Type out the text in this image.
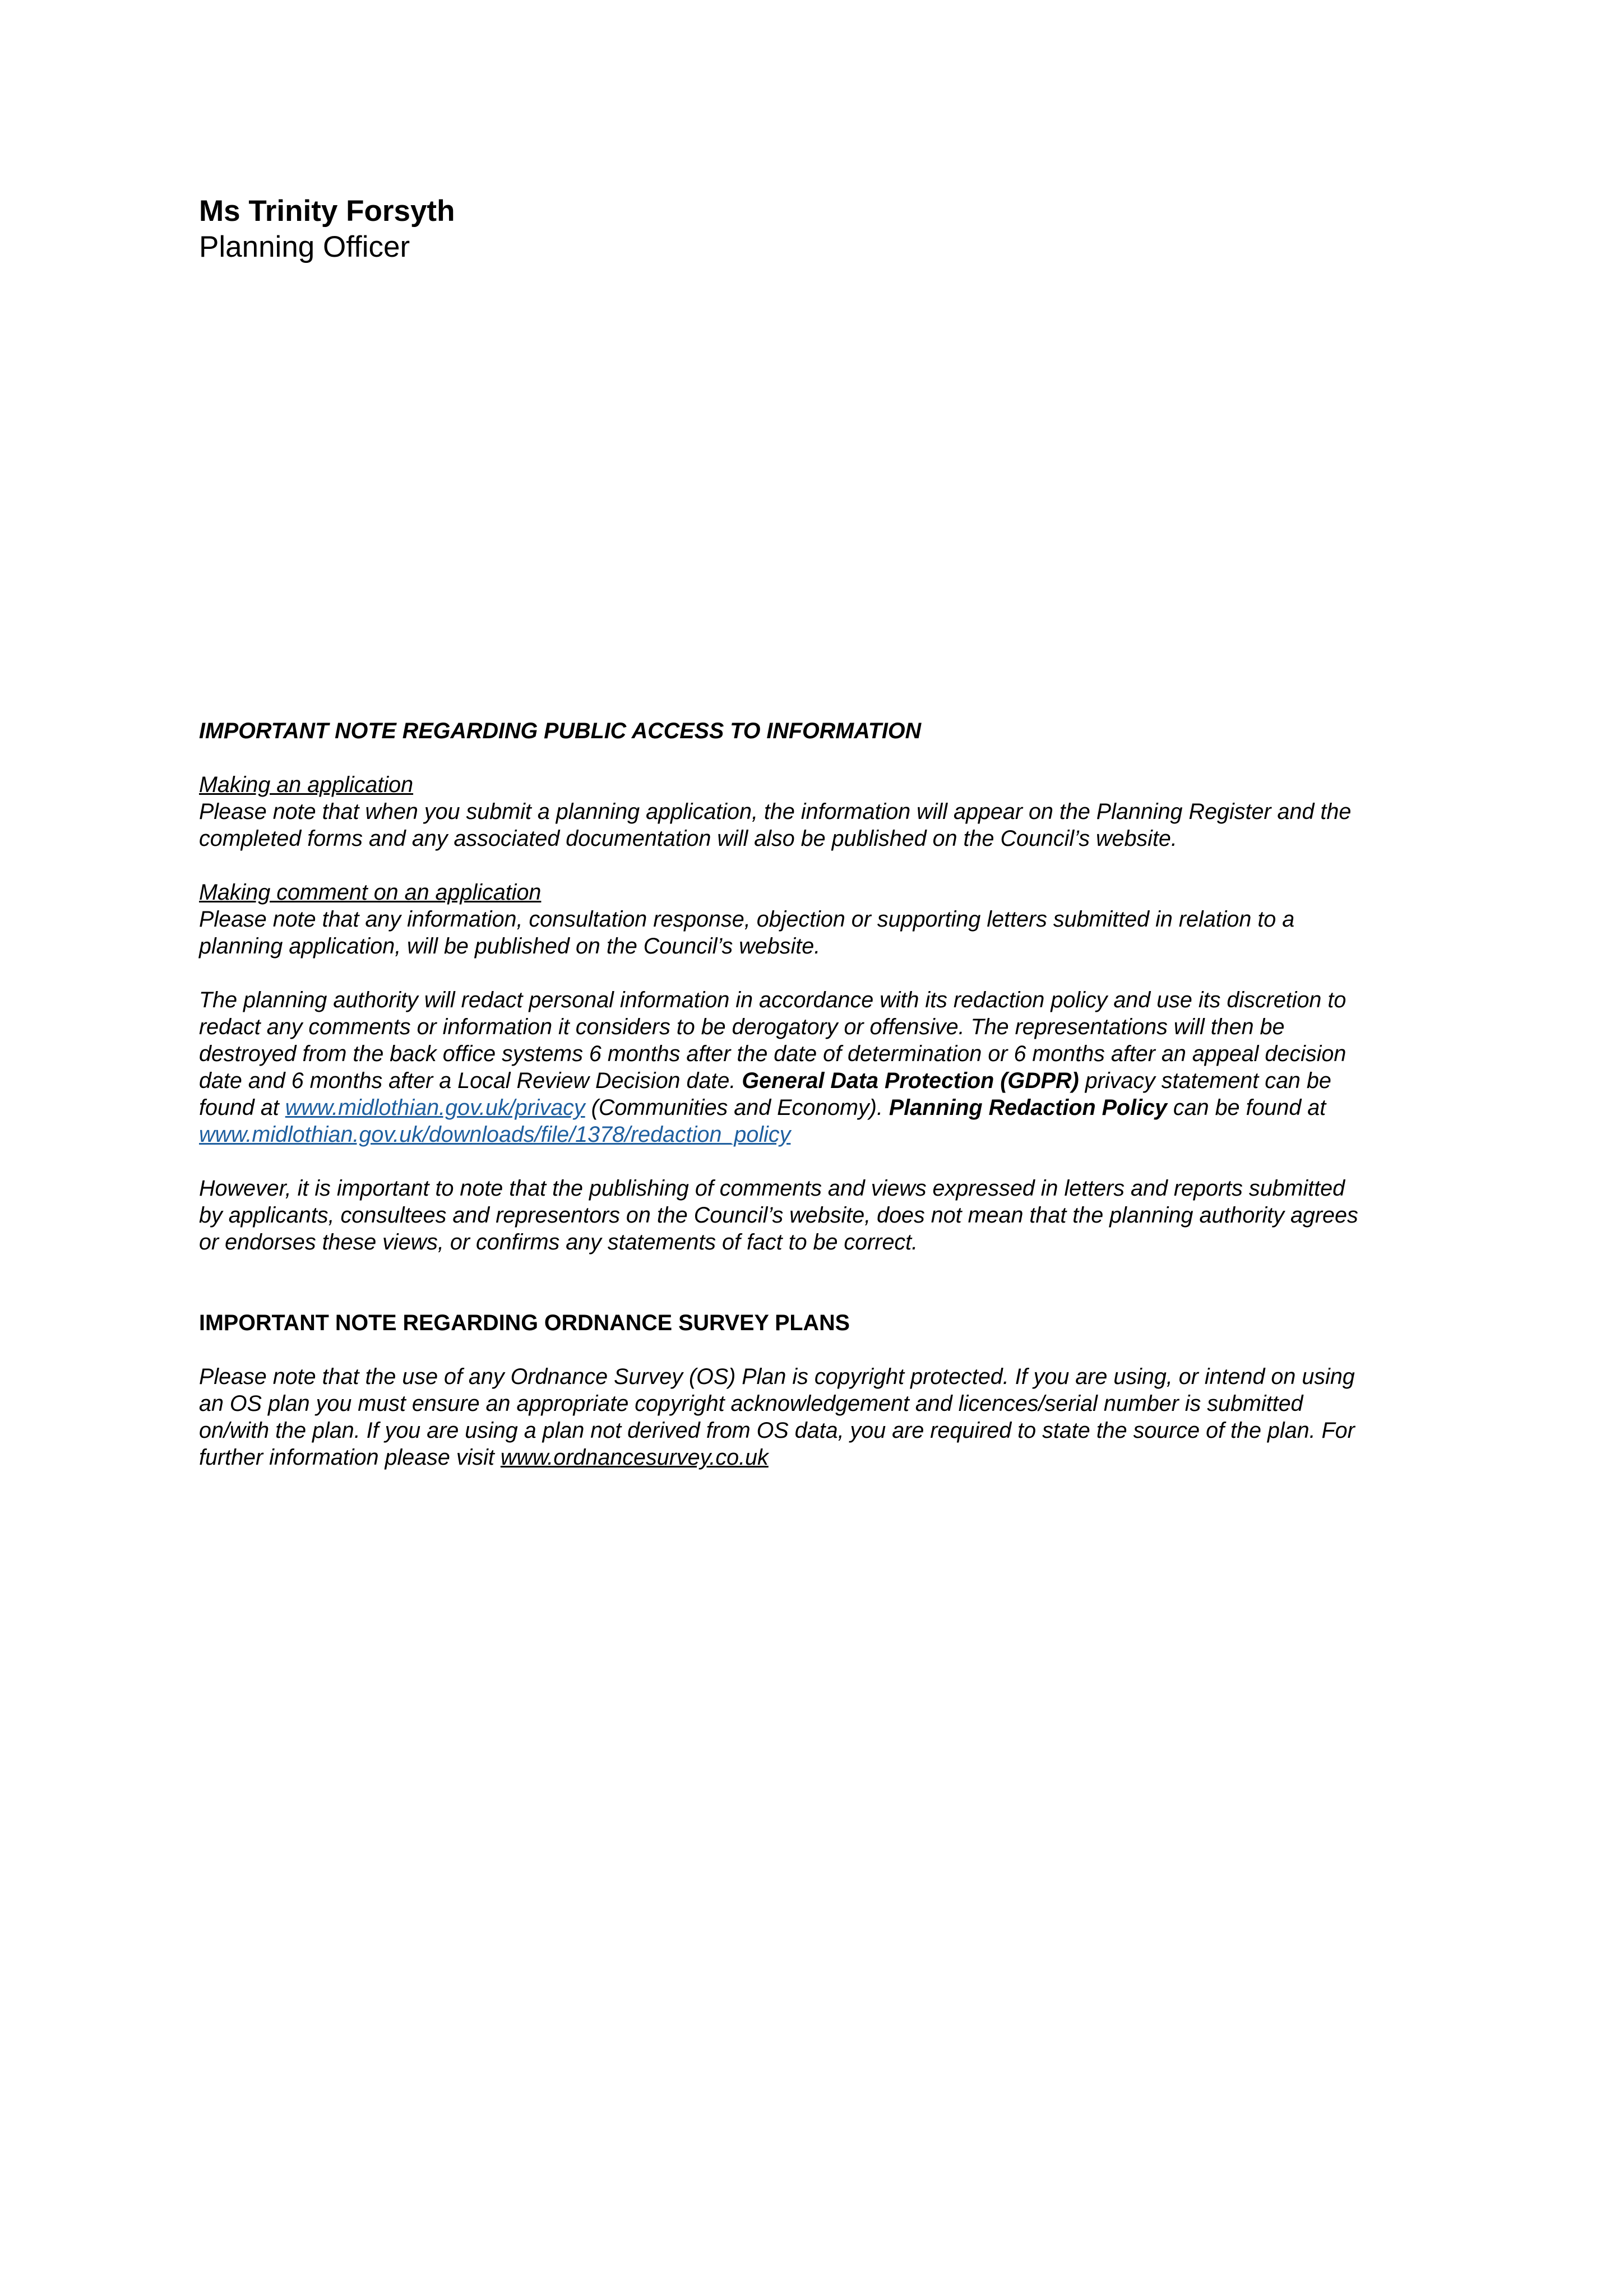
Ms Trinity Forsyth
Planning Officer

IMPORTANT NOTE REGARDING PUBLIC ACCESS TO INFORMATION

Making an application

Please note that when you submit a planning application, the information will appear on the Planning Register and the

completed forms and any associated documentation will also be published on the Council’s website.

Making comment on an application

Please note that any information, consultation response, objection or supporting letters submitted in relation to a

planning application, will be published on the Council’s website.

The planning authority will redact personal information in accordance with its redaction policy and use its discretion to

redact any comments or information it considers to be derogatory or offensive. The representations will then be

destroyed from the back office systems 6 months after the date of determination or 6 months after an appeal decision

date and 6 months after a Local Review Decision date. General Data Protection (GDPR) privacy statement can be

found at www.midlothian.gov.uk/privacy (Communities and Economy). Planning Redaction Policy can be found at

www.midlothian.gov.uk/downloads/file/1378/redaction_policy

However, it is important to note that the publishing of comments and views expressed in letters and reports submitted

by applicants, consultees and representors on the Council’s website, does not mean that the planning authority agrees

or endorses these views, or confirms any statements of fact to be correct.

IMPORTANT NOTE REGARDING ORDNANCE SURVEY PLANS

Please note that the use of any Ordnance Survey (OS) Plan is copyright protected. If you are using, or intend on using

an OS plan you must ensure an appropriate copyright acknowledgement and licences/serial number is submitted

on/with the plan. If you are using a plan not derived from OS data, you are required to state the source of the plan. For

further information please visit www.ordnancesurvey.co.uk
